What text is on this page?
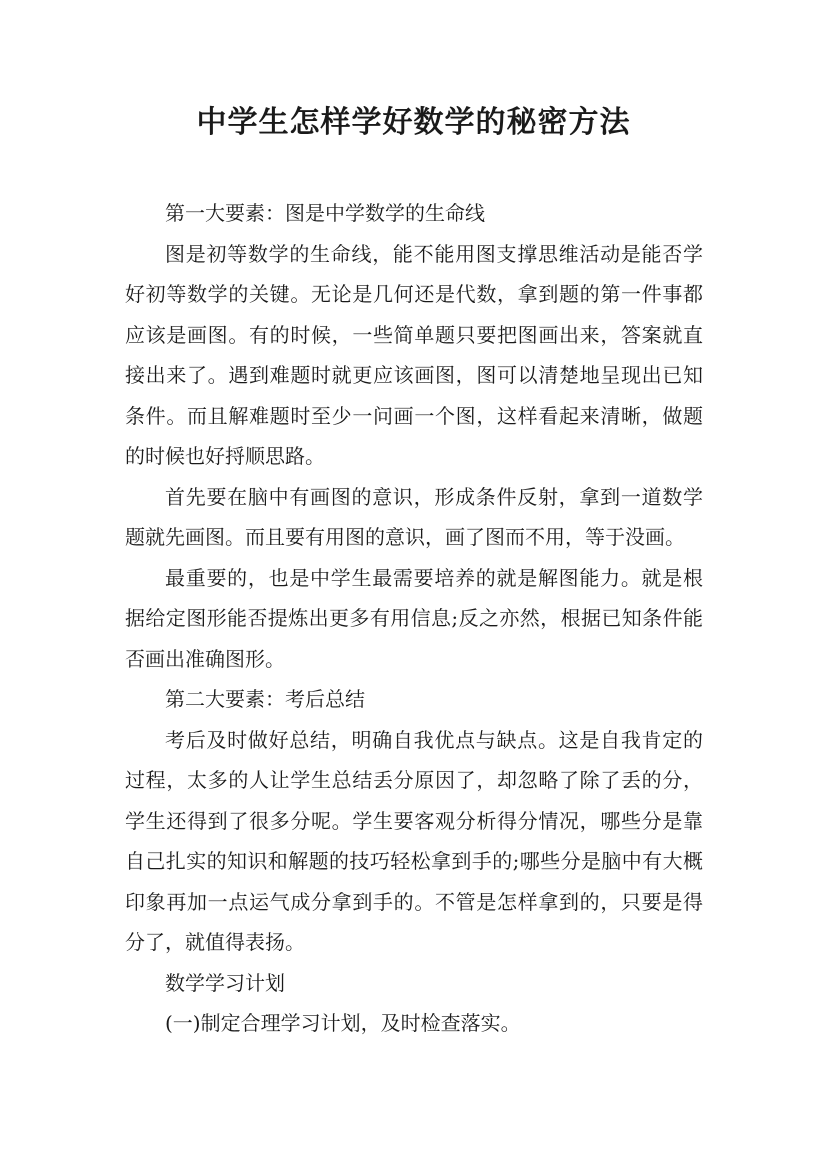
中学生怎样学好数学的秘密方法

第一大要素：图是中学数学的生命线

图是初等数学的生命线，能不能用图支撑思维活动是能否学好初等数学的关键。无论是几何还是代数，拿到题的第一件事都应该是画图。有的时候，一些简单题只要把图画出来，答案就直接出来了。遇到难题时就更应该画图，图可以清楚地呈现出已知条件。而且解难题时至少一问画一个图，这样看起来清晰，做题的时候也好捋顺思路。

首先要在脑中有画图的意识，形成条件反射，拿到一道数学题就先画图。而且要有用图的意识，画了图而不用，等于没画。

最重要的，也是中学生最需要培养的就是解图能力。就是根据给定图形能否提炼出更多有用信息;反之亦然，根据已知条件能否画出准确图形。

第二大要素：考后总结

考后及时做好总结，明确自我优点与缺点。这是自我肯定的过程，太多的人让学生总结丢分原因了，却忽略了除了丢的分，学生还得到了很多分呢。学生要客观分析得分情况，哪些分是靠自己扎实的知识和解题的技巧轻松拿到手的;哪些分是脑中有大概印象再加一点运气成分拿到手的。不管是怎样拿到的，只要是得分了，就值得表扬。

数学学习计划

(一)制定合理学习计划，及时检查落实。
